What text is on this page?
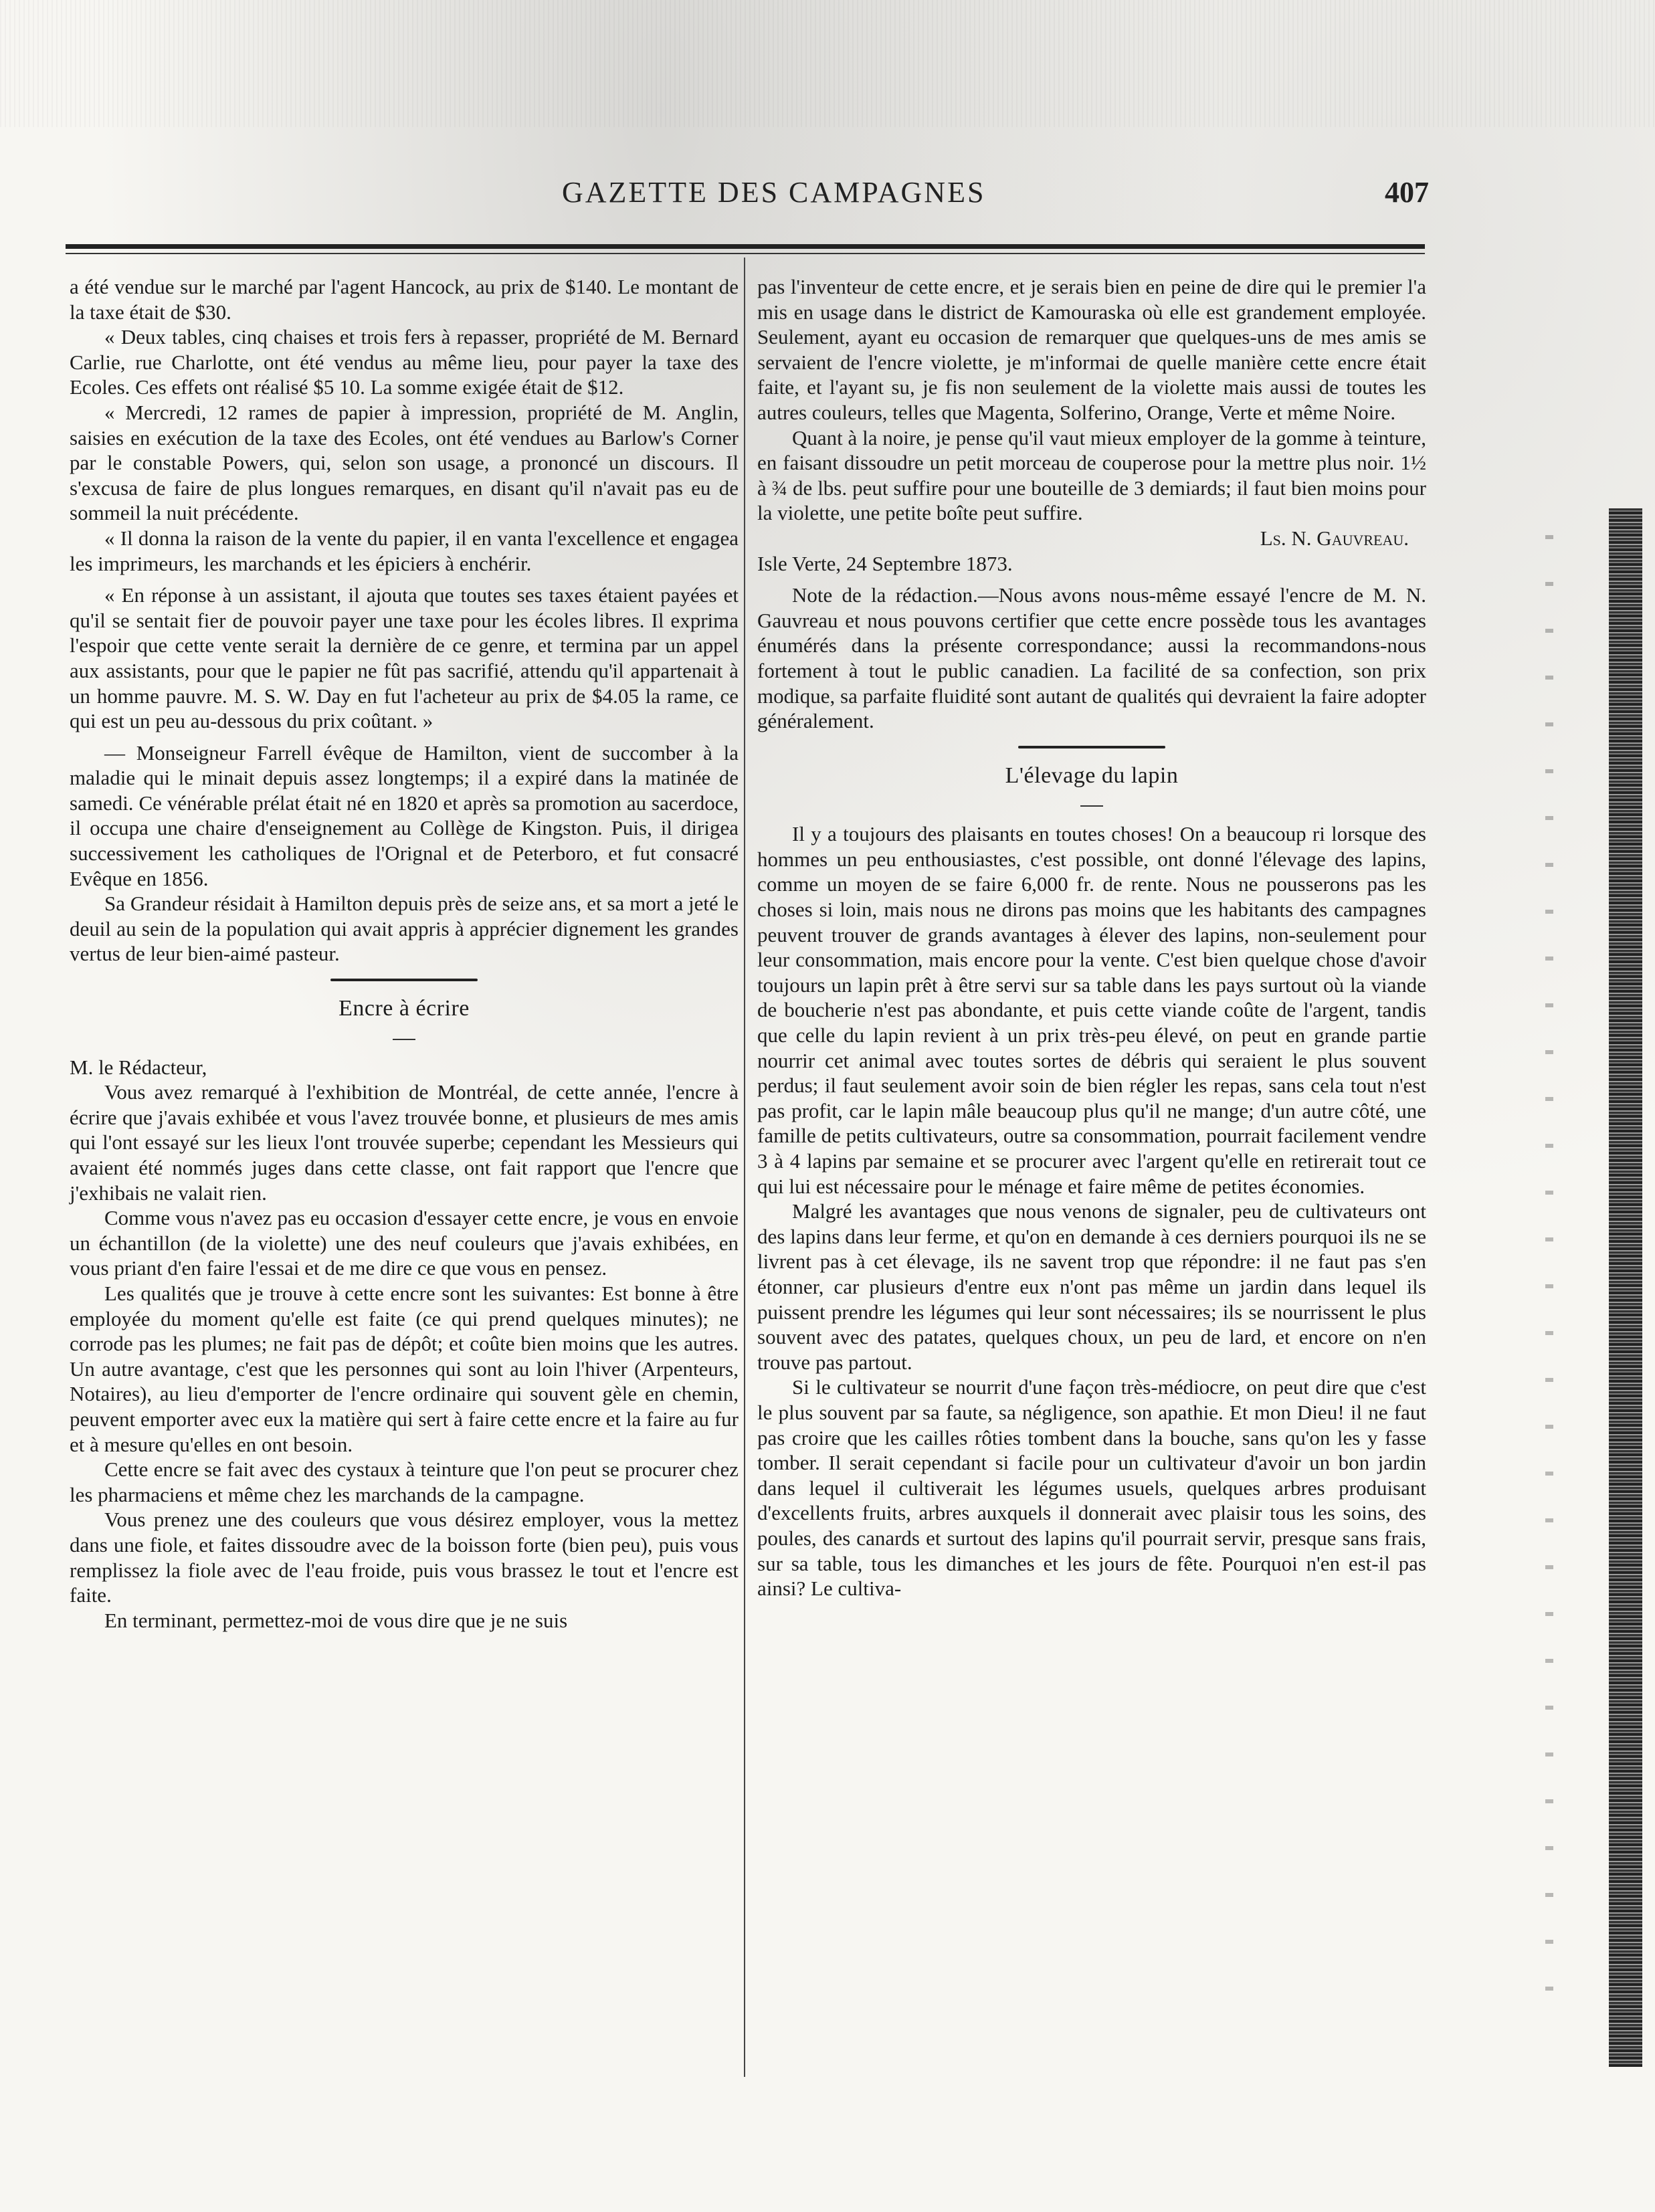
GAZETTE DES CAMPAGNES	407

a été vendue sur le marché par l'agent Hancock, au prix de $140. Le montant de la taxe était de $30.

« Deux tables, cinq chaises et trois fers à repasser, propriété de M. Bernard Carlie, rue Charlotte, ont été vendus au même lieu, pour payer la taxe des Ecoles. Ces effets ont réalisé $5 10. La somme exigée était de $12.

« Mercredi, 12 rames de papier à impression, propriété de M. Anglin, saisies en exécution de la taxe des Ecoles, ont été vendues au Barlow's Corner par le constable Powers, qui, selon son usage, a prononcé un discours. Il s'excusa de faire de plus longues remarques, en disant qu'il n'avait pas eu de sommeil la nuit précédente.

« Il donna la raison de la vente du papier, il en vanta l'excellence et engagea les imprimeurs, les marchands et les épiciers à enchérir.

« En réponse à un assistant, il ajouta que toutes ses taxes étaient payées et qu'il se sentait fier de pouvoir payer une taxe pour les écoles libres. Il exprima l'espoir que cette vente serait la dernière de ce genre, et termina par un appel aux assistants, pour que le papier ne fût pas sacrifié, attendu qu'il appartenait à un homme pauvre. M. S. W. Day en fut l'acheteur au prix de $4.05 la rame, ce qui est un peu au-dessous du prix coûtant. »

— Monseigneur Farrell évêque de Hamilton, vient de succomber à la maladie qui le minait depuis assez longtemps; il a expiré dans la matinée de samedi. Ce vénérable prélat était né en 1820 et après sa promotion au sacerdoce, il occupa une chaire d'enseignement au Collège de Kingston. Puis, il dirigea successivement les catholiques de l'Orignal et de Peterboro, et fut consacré Evêque en 1856.

Sa Grandeur résidait à Hamilton depuis près de seize ans, et sa mort a jeté le deuil au sein de la population qui avait appris à apprécier dignement les grandes vertus de leur bien-aimé pasteur.

Encre à écrire

M. le Rédacteur,

Vous avez remarqué à l'exhibition de Montréal, de cette année, l'encre à écrire que j'avais exhibée et vous l'avez trouvée bonne, et plusieurs de mes amis qui l'ont essayé sur les lieux l'ont trouvée superbe; cependant les Messieurs qui avaient été nommés juges dans cette classe, ont fait rapport que l'encre que j'exhibais ne valait rien.

Comme vous n'avez pas eu occasion d'essayer cette encre, je vous en envoie un échantillon (de la violette) une des neuf couleurs que j'avais exhibées, en vous priant d'en faire l'essai et de me dire ce que vous en pensez.

Les qualités que je trouve à cette encre sont les suivantes: Est bonne à être employée du moment qu'elle est faite (ce qui prend quelques minutes); ne corrode pas les plumes; ne fait pas de dépôt; et coûte bien moins que les autres. Un autre avantage, c'est que les personnes qui sont au loin l'hiver (Arpenteurs, Notaires), au lieu d'emporter de l'encre ordinaire qui souvent gèle en chemin, peuvent emporter avec eux la matière qui sert à faire cette encre et la faire au fur et à mesure qu'elles en ont besoin.

Cette encre se fait avec des cystaux à teinture que l'on peut se procurer chez les pharmaciens et même chez les marchands de la campagne.

Vous prenez une des couleurs que vous désirez employer, vous la mettez dans une fiole, et faites dissoudre avec de la boisson forte (bien peu), puis vous remplissez la fiole avec de l'eau froide, puis vous brassez le tout et l'encre est faite.

En terminant, permettez-moi de vous dire que je ne suis

pas l'inventeur de cette encre, et je serais bien en peine de dire qui le premier l'a mis en usage dans le district de Kamouraska où elle est grandement employée. Seulement, ayant eu occasion de remarquer que quelques-uns de mes amis se servaient de l'encre violette, je m'informai de quelle manière cette encre était faite, et l'ayant su, je fis non seulement de la violette mais aussi de toutes les autres couleurs, telles que Magenta, Solferino, Orange, Verte et même Noire.

Quant à la noire, je pense qu'il vaut mieux employer de la gomme à teinture, en faisant dissoudre un petit morceau de couperose pour la mettre plus noir. 1½ à ¾ de lbs. peut suffire pour une bouteille de 3 demiards; il faut bien moins pour la violette, une petite boîte peut suffire.

Ls. N. Gauvreau.

Isle Verte, 24 Septembre 1873.

Note de la rédaction.—Nous avons nous-même essayé l'encre de M. N. Gauvreau et nous pouvons certifier que cette encre possède tous les avantages énumérés dans la présente correspondance; aussi la recommandons-nous fortement à tout le public canadien. La facilité de sa confection, son prix modique, sa parfaite fluidité sont autant de qualités qui devraient la faire adopter généralement.

L'élevage du lapin

Il y a toujours des plaisants en toutes choses! On a beaucoup ri lorsque des hommes un peu enthousiastes, c'est possible, ont donné l'élevage des lapins, comme un moyen de se faire 6,000 fr. de rente. Nous ne pousserons pas les choses si loin, mais nous ne dirons pas moins que les habitants des campagnes peuvent trouver de grands avantages à élever des lapins, non-seulement pour leur consommation, mais encore pour la vente. C'est bien quelque chose d'avoir toujours un lapin prêt à être servi sur sa table dans les pays surtout où la viande de boucherie n'est pas abondante, et puis cette viande coûte de l'argent, tandis que celle du lapin revient à un prix très-peu élevé, on peut en grande partie nourrir cet animal avec toutes sortes de débris qui seraient le plus souvent perdus; il faut seulement avoir soin de bien régler les repas, sans cela tout n'est pas profit, car le lapin mâle beaucoup plus qu'il ne mange; d'un autre côté, une famille de petits cultivateurs, outre sa consommation, pourrait facilement vendre 3 à 4 lapins par semaine et se procurer avec l'argent qu'elle en retirerait tout ce qui lui est nécessaire pour le ménage et faire même de petites économies.

Malgré les avantages que nous venons de signaler, peu de cultivateurs ont des lapins dans leur ferme, et qu'on en demande à ces derniers pourquoi ils ne se livrent pas à cet élevage, ils ne savent trop que répondre: il ne faut pas s'en étonner, car plusieurs d'entre eux n'ont pas même un jardin dans lequel ils puissent prendre les légumes qui leur sont nécessaires; ils se nourrissent le plus souvent avec des patates, quelques choux, un peu de lard, et encore on n'en trouve pas partout.

Si le cultivateur se nourrit d'une façon très-médiocre, on peut dire que c'est le plus souvent par sa faute, sa négligence, son apathie. Et mon Dieu! il ne faut pas croire que les cailles rôties tombent dans la bouche, sans qu'on les y fasse tomber. Il serait cependant si facile pour un cultivateur d'avoir un bon jardin dans lequel il cultiverait les légumes usuels, quelques arbres produisant d'excellents fruits, arbres auxquels il donnerait avec plaisir tous les soins, des poules, des canards et surtout des lapins qu'il pourrait servir, presque sans frais, sur sa table, tous les dimanches et les jours de fête. Pourquoi n'en est-il pas ainsi? Le cultiva-
